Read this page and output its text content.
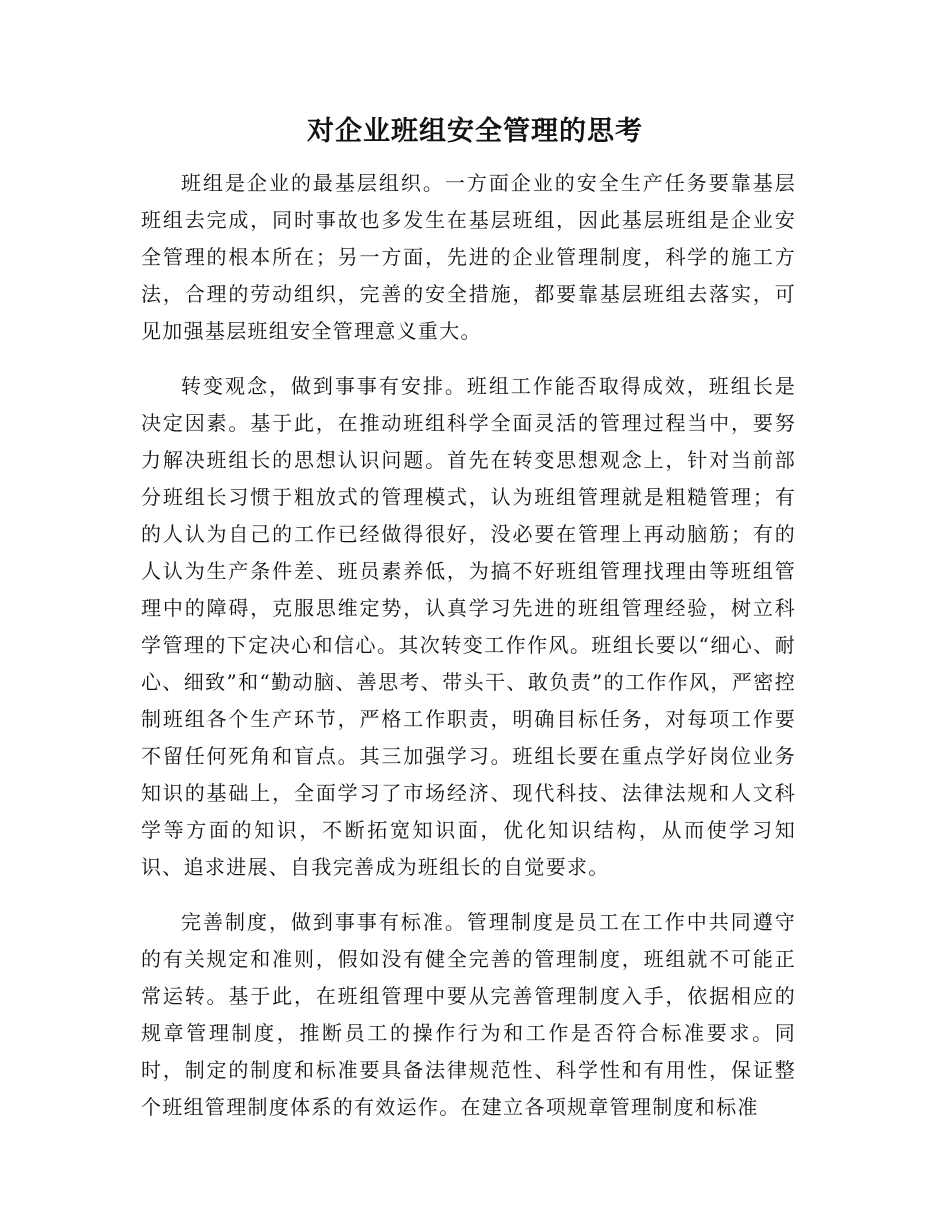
对企业班组安全管理的思考

班组是企业的最基层组织。一方面企业的安全生产任务要靠基层班组去完成，同时事故也多发生在基层班组，因此基层班组是企业安全管理的根本所在；另一方面，先进的企业管理制度，科学的施工方法，合理的劳动组织，完善的安全措施，都要靠基层班组去落实，可见加强基层班组安全管理意义重大。

转变观念，做到事事有安排。班组工作能否取得成效，班组长是决定因素。基于此，在推动班组科学全面灵活的管理过程当中，要努力解决班组长的思想认识问题。首先在转变思想观念上，针对当前部分班组长习惯于粗放式的管理模式，认为班组管理就是粗糙管理；有的人认为自己的工作已经做得很好，没必要在管理上再动脑筋；有的人认为生产条件差、班员素养低，为搞不好班组管理找理由等班组管理中的障碍，克服思维定势，认真学习先进的班组管理经验，树立科学管理的下定决心和信心。其次转变工作作风。班组长要以“细心、耐心、细致”和“勤动脑、善思考、带头干、敢负责”的工作作风，严密控制班组各个生产环节，严格工作职责，明确目标任务，对每项工作要不留任何死角和盲点。其三加强学习。班组长要在重点学好岗位业务知识的基础上，全面学习了市场经济、现代科技、法律法规和人文科学等方面的知识，不断拓宽知识面，优化知识结构，从而使学习知识、追求进展、自我完善成为班组长的自觉要求。

完善制度，做到事事有标准。管理制度是员工在工作中共同遵守的有关规定和准则，假如没有健全完善的管理制度，班组就不可能正常运转。基于此，在班组管理中要从完善管理制度入手，依据相应的规章管理制度，推断员工的操作行为和工作是否符合标准要求。同时，制定的制度和标准要具备法律规范性、科学性和有用性，保证整个班组管理制度体系的有效运作。在建立各项规章管理制度和标准
